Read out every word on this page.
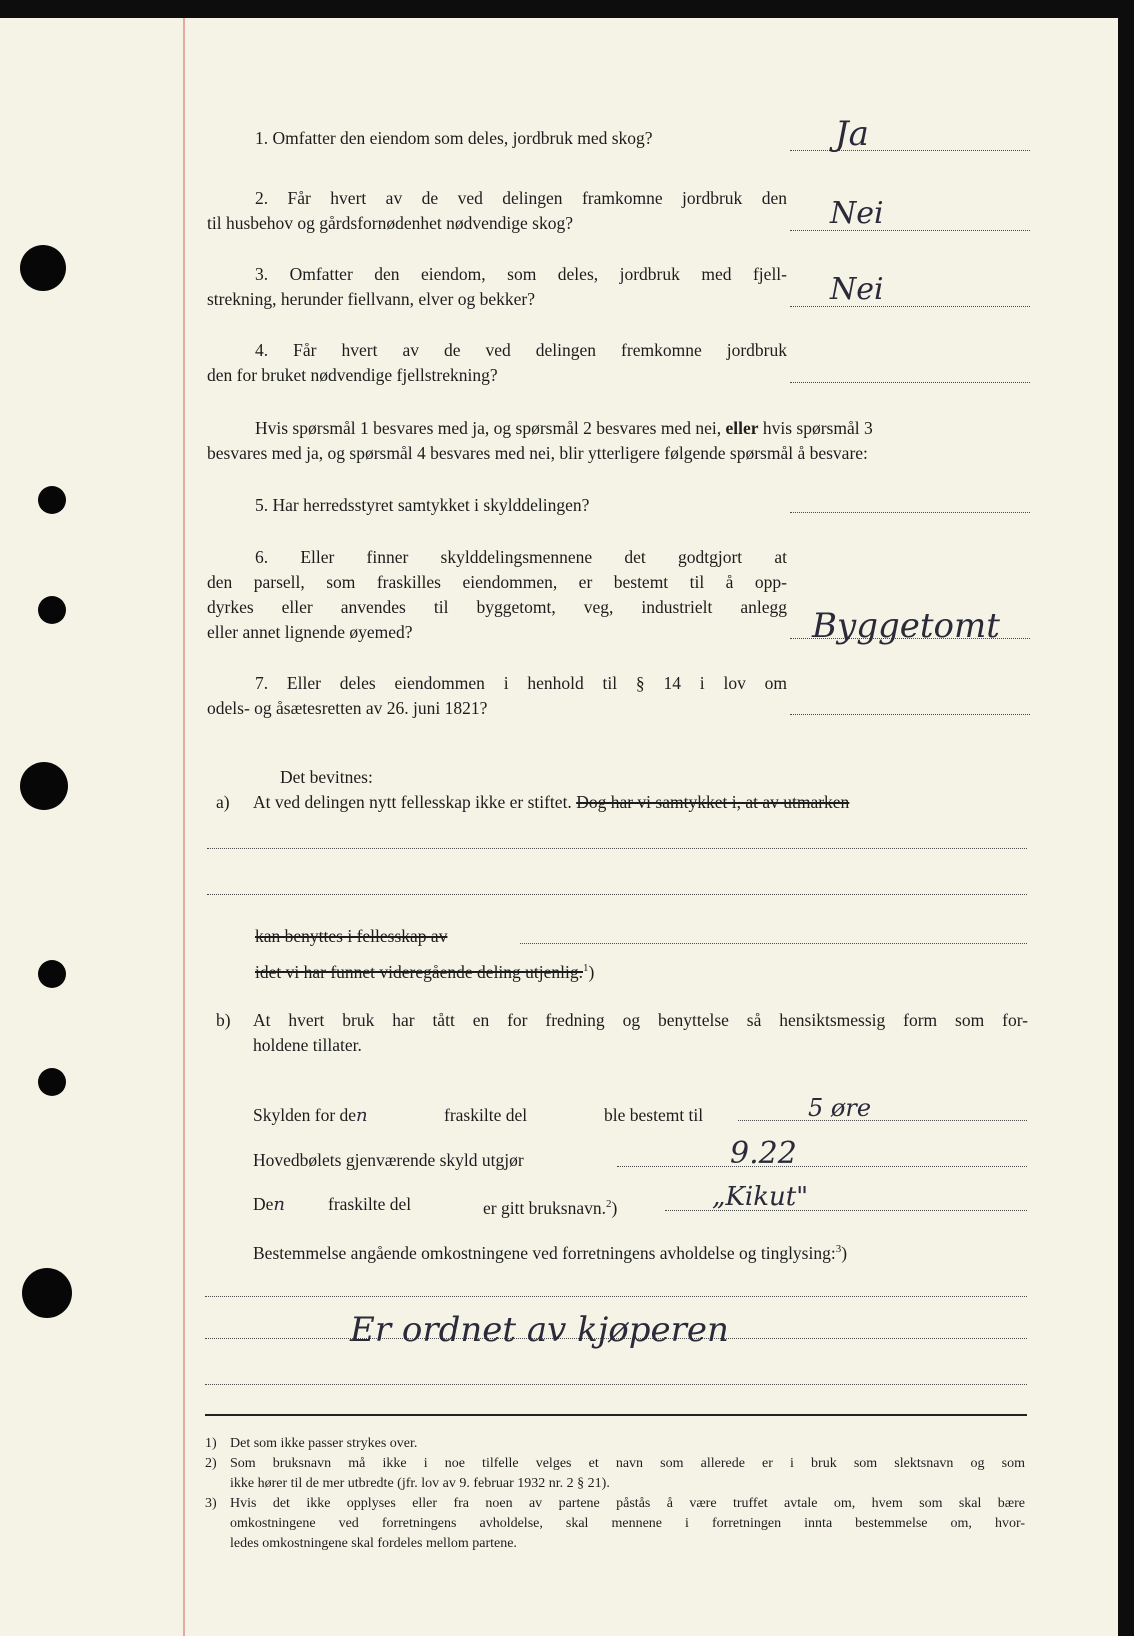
1. Omfatter den eiendom som deles, jordbruk med skog?	Ja
2. Får hvert av de ved delingen framkomne jordbruk den
til husbehov og gårdsfornødenhet nødvendige skog?	Nei
3. Omfatter den eiendom, som deles, jordbruk med fjell-
strekning, herunder fiellvann, elver og bekker?	Nei
4. Får hvert av de ved delingen fremkomne jordbruk
den for bruket nødvendige fjellstrekning?
Hvis spørsmål 1 besvares med ja, og spørsmål 2 besvares med nei, eller hvis spørsmål 3
besvares med ja, og spørsmål 4 besvares med nei, blir ytterligere følgende spørsmål å besvare:
5. Har herredsstyret samtykket i skylddelingen?
6. Eller finner skylddelingsmennene det godtgjort at
den parsell, som fraskilles eiendommen, er bestemt til å opp-
dyrkes eller anvendes til byggetomt, veg, industrielt anlegg
eller annet lignende øyemed?	Byggetomt
7. Eller deles eiendommen i henhold til § 14 i lov om
odels- og åsætesretten av 26. juni 1821?
Det bevitnes:
a) At ved delingen nytt fellesskap ikke er stiftet. Dog har vi samtykket i, at av utmarken
kan benyttes i fellesskap av
idet vi har funnet videregående deling utjenlig.$^1$)
b) At hvert bruk har tått en for fredning og benyttelse så hensiktsmessig form som for-
holdene tillater.
Skylden for den	fraskilte del	ble bestemt til	5 øre
Hovedbølets gjenværende skyld utgjør	9.22
Den fraskilte del	er gitt bruksnavn.$^2$)	„Kikut"
Bestemmelse angående omkostningene ved forretningens avholdelse og tinglysing:$^3$)
Er ordnet av kjøperen
1) Det som ikke passer strykes over.
2) Som bruksnavn må ikke i noe tilfelle velges et navn som allerede er i bruk som slektsnavn og som
ikke hører til de mer utbredte (jfr. lov av 9. februar 1932 nr. 2 § 21).
3) Hvis det ikke opplyses eller fra noen av partene påstås å være truffet avtale om, hvem som skal bære
omkostningene ved forretningens avholdelse, skal mennene i forretningen innta bestemmelse om, hvor-
ledes omkostningene skal fordeles mellom partene.
